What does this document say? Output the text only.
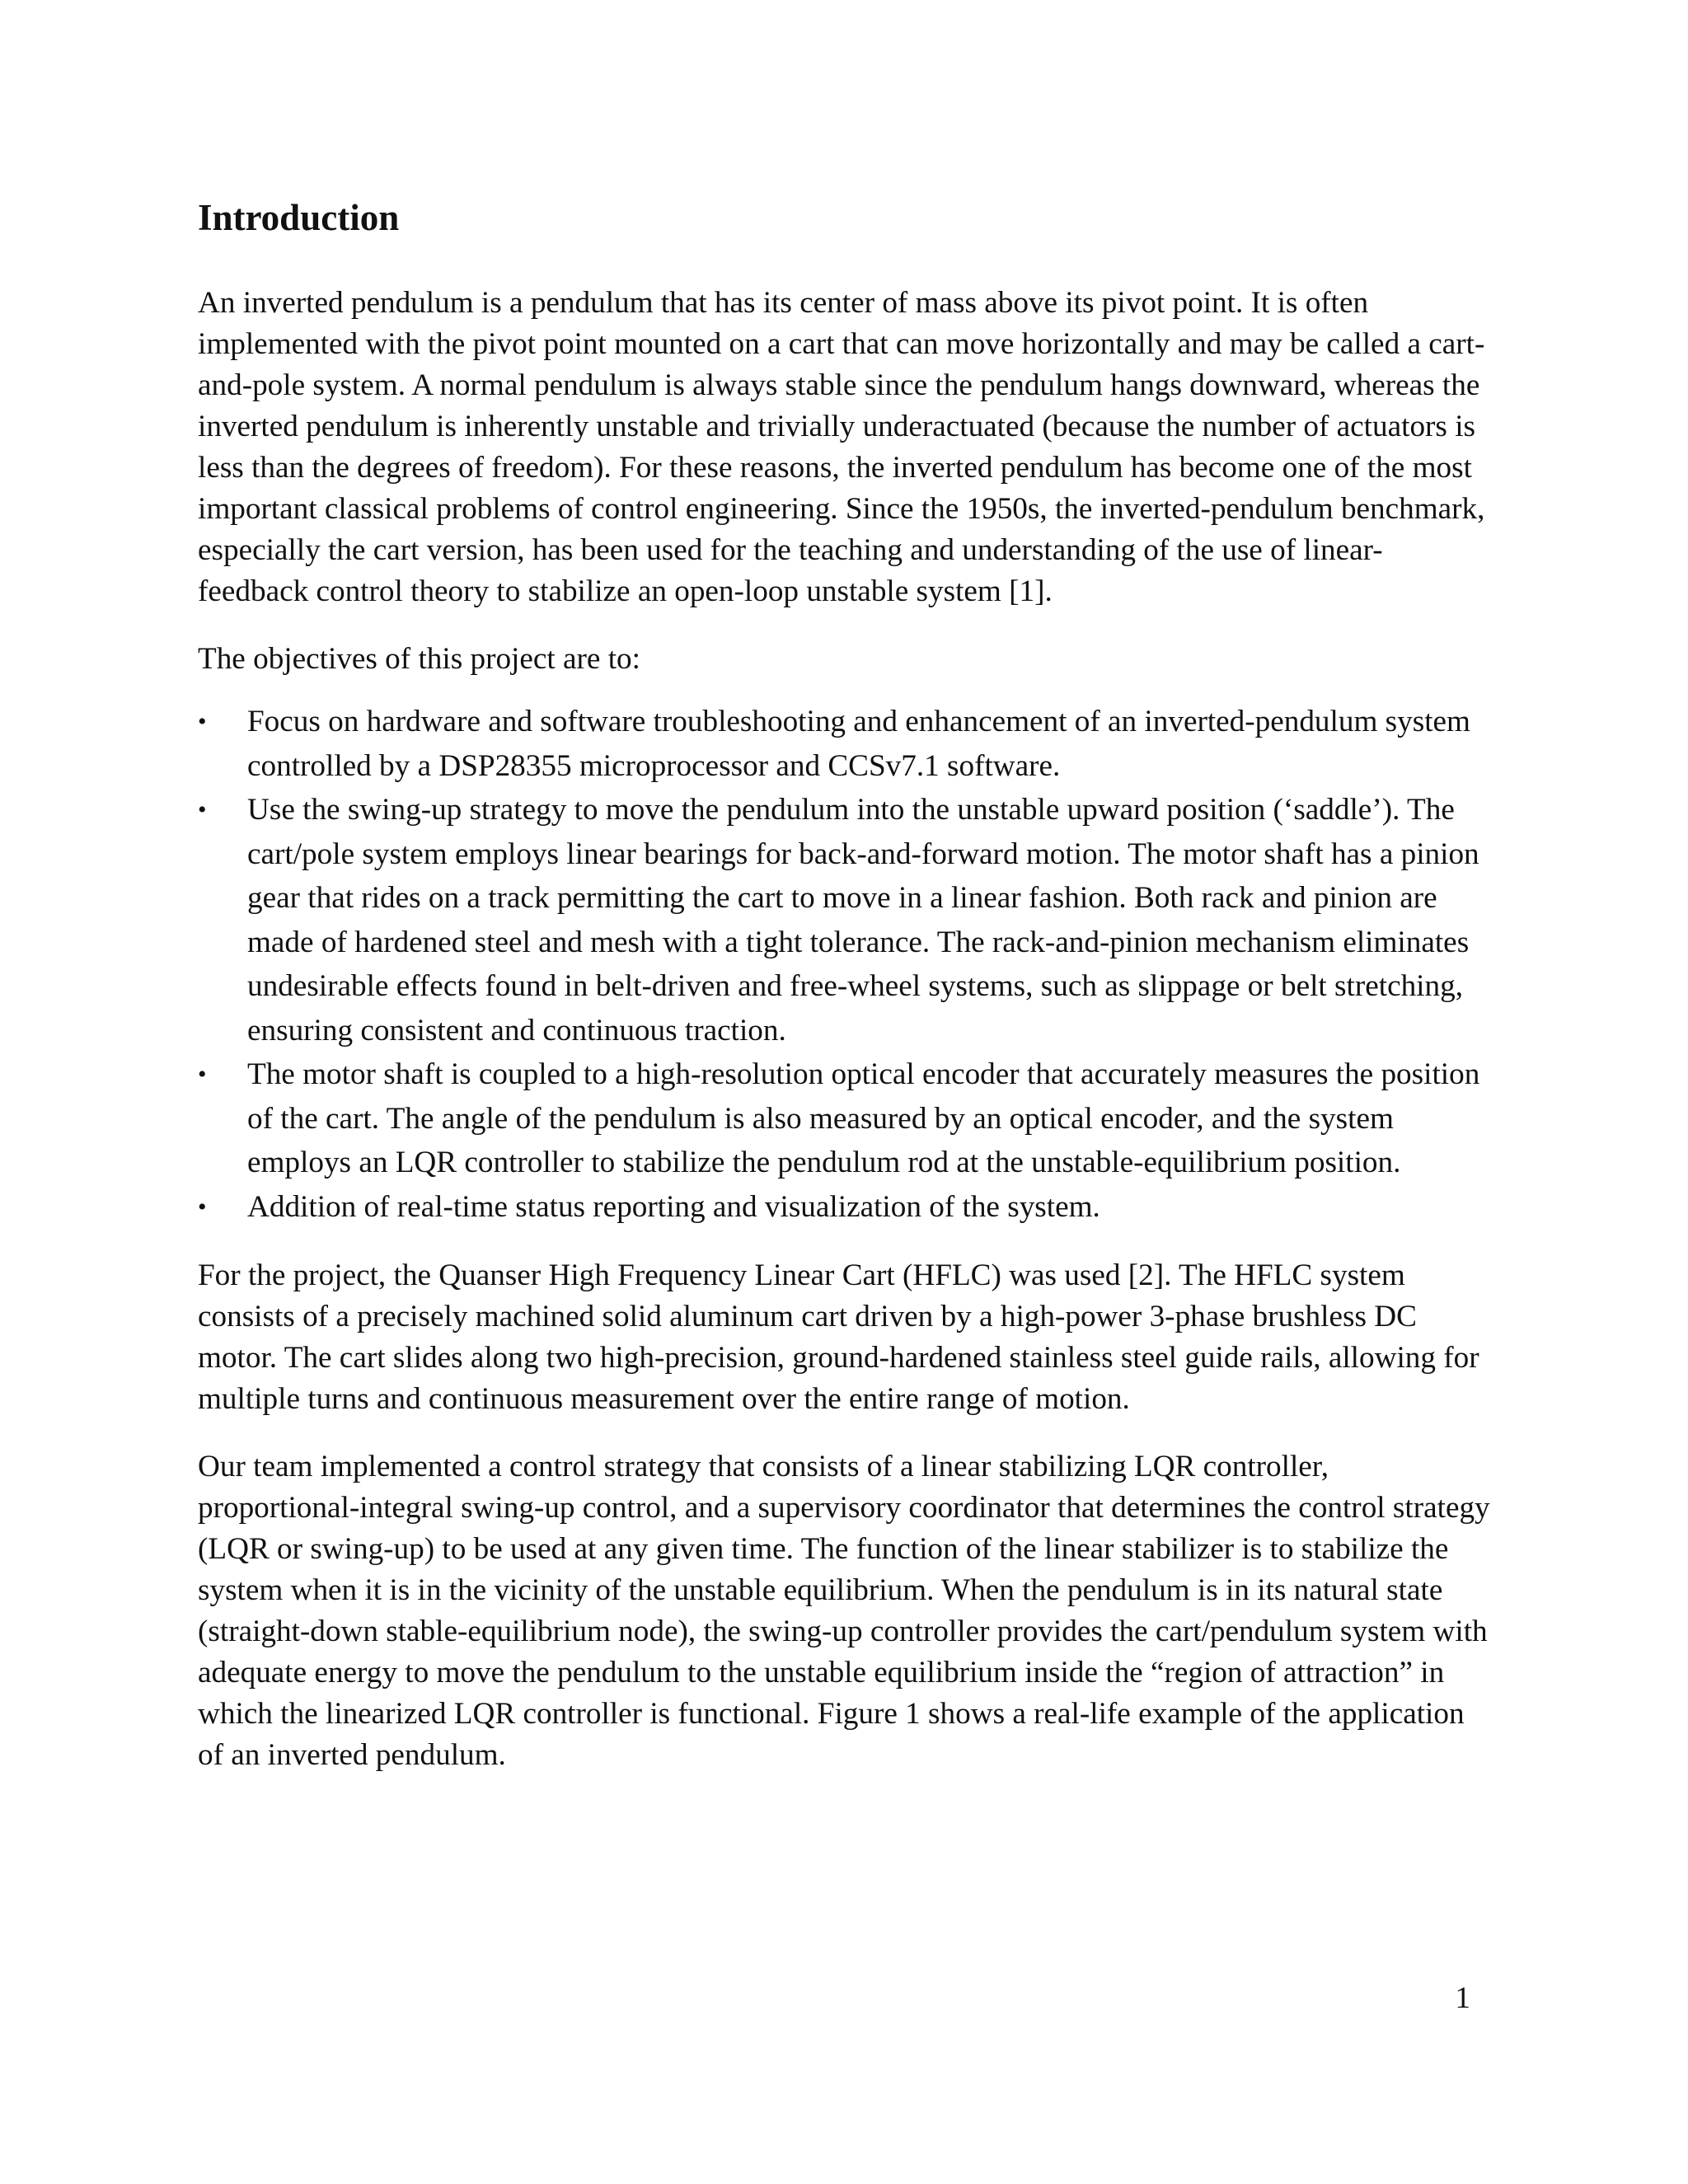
Introduction

An inverted pendulum is a pendulum that has its center of mass above its pivot point. It is often implemented with the pivot point mounted on a cart that can move horizontally and may be called a cart-and-pole system. A normal pendulum is always stable since the pendulum hangs downward, whereas the inverted pendulum is inherently unstable and trivially underactuated (because the number of actuators is less than the degrees of freedom). For these reasons, the inverted pendulum has become one of the most important classical problems of control engineering. Since the 1950s, the inverted-pendulum benchmark, especially the cart version, has been used for the teaching and understanding of the use of linear-feedback control theory to stabilize an open-loop unstable system [1].

The objectives of this project are to:

•	Focus on hardware and software troubleshooting and enhancement of an inverted-pendulum system controlled by a DSP28355 microprocessor and CCSv7.1 software.
•	Use the swing-up strategy to move the pendulum into the unstable upward position (‘saddle’). The cart/pole system employs linear bearings for back-and-forward motion. The motor shaft has a pinion gear that rides on a track permitting the cart to move in a linear fashion. Both rack and pinion are made of hardened steel and mesh with a tight tolerance. The rack-and-pinion mechanism eliminates undesirable effects found in belt-driven and free-wheel systems, such as slippage or belt stretching, ensuring consistent and continuous traction.
•	The motor shaft is coupled to a high-resolution optical encoder that accurately measures the position of the cart. The angle of the pendulum is also measured by an optical encoder, and the system employs an LQR controller to stabilize the pendulum rod at the unstable-equilibrium position.
•	Addition of real-time status reporting and visualization of the system.

For the project, the Quanser High Frequency Linear Cart (HFLC) was used [2]. The HFLC system consists of a precisely machined solid aluminum cart driven by a high-power 3-phase brushless DC motor. The cart slides along two high-precision, ground-hardened stainless steel guide rails, allowing for multiple turns and continuous measurement over the entire range of motion.

Our team implemented a control strategy that consists of a linear stabilizing LQR controller, proportional-integral swing-up control, and a supervisory coordinator that determines the control strategy (LQR or swing-up) to be used at any given time. The function of the linear stabilizer is to stabilize the system when it is in the vicinity of the unstable equilibrium. When the pendulum is in its natural state (straight-down stable-equilibrium node), the swing-up controller provides the cart/pendulum system with adequate energy to move the pendulum to the unstable equilibrium inside the “region of attraction” in which the linearized LQR controller is functional. Figure 1 shows a real-life example of the application of an inverted pendulum.

1
